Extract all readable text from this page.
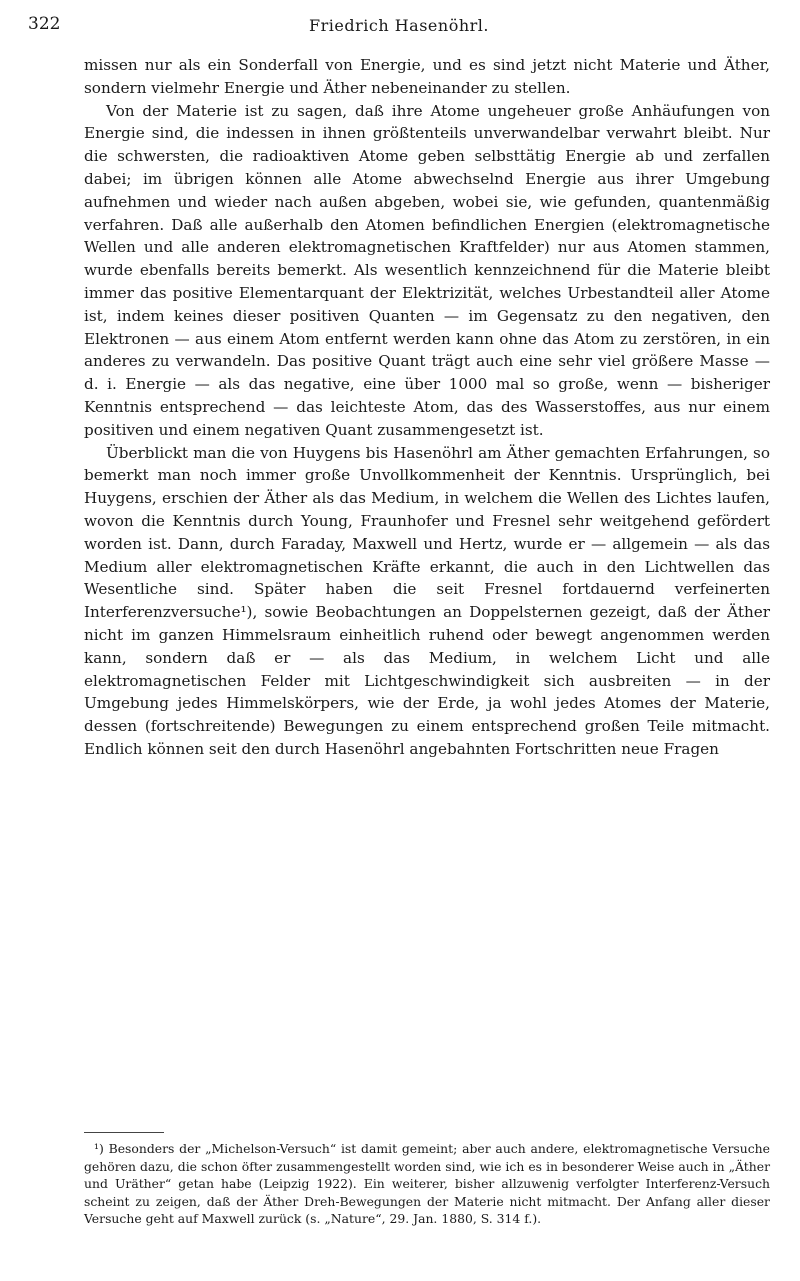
322	Friedrich Hasenöhrl.

missen nur als ein Sonderfall von Energie, und es sind jetzt nicht Materie und Äther, sondern vielmehr Energie und Äther nebeneinander zu stellen.

Von der Materie ist zu sagen, daß ihre Atome ungeheuer große Anhäufungen von Energie sind, die indessen in ihnen größtenteils unverwandelbar verwahrt bleibt. Nur die schwersten, die radioaktiven Atome geben selbsttätig Energie ab und zerfallen dabei; im übrigen können alle Atome abwechselnd Energie aus ihrer Umgebung aufnehmen und wieder nach außen abgeben, wobei sie, wie gefunden, quantenmäßig verfahren. Daß alle außerhalb den Atomen befindlichen Energien (elektromagnetische Wellen und alle anderen elektromagnetischen Kraftfelder) nur aus Atomen stammen, wurde ebenfalls bereits bemerkt. Als wesentlich kennzeichnend für die Materie bleibt immer das positive Elementarquant der Elektrizität, welches Urbestandteil aller Atome ist, indem keines dieser positiven Quanten — im Gegensatz zu den negativen, den Elektronen — aus einem Atom entfernt werden kann ohne das Atom zu zerstören, in ein anderes zu verwandeln. Das positive Quant trägt auch eine sehr viel größere Masse — d. i. Energie — als das negative, eine über 1000 mal so große, wenn — bisheriger Kenntnis entsprechend — das leichteste Atom, das des Wasserstoffes, aus nur einem positiven und einem negativen Quant zusammengesetzt ist.

Überblickt man die von Huygens bis Hasenöhrl am Äther gemachten Erfahrungen, so bemerkt man noch immer große Unvollkommenheit der Kenntnis. Ursprünglich, bei Huygens, erschien der Äther als das Medium, in welchem die Wellen des Lichtes laufen, wovon die Kenntnis durch Young, Fraunhofer und Fresnel sehr weitgehend gefördert worden ist. Dann, durch Faraday, Maxwell und Hertz, wurde er — allgemein — als das Medium aller elektromagnetischen Kräfte erkannt, die auch in den Lichtwellen das Wesentliche sind. Später haben die seit Fresnel fortdauernd verfeinerten Interferenzversuche¹), sowie Beobachtungen an Doppelsternen gezeigt, daß der Äther nicht im ganzen Himmelsraum einheitlich ruhend oder bewegt angenommen werden kann, sondern daß er — als das Medium, in welchem Licht und alle elektromagnetischen Felder mit Lichtgeschwindigkeit sich ausbreiten — in der Umgebung jedes Himmelskörpers, wie der Erde, ja wohl jedes Atomes der Materie, dessen (fortschreitende) Bewegungen zu einem entsprechend großen Teile mitmacht. Endlich können seit den durch Hasenöhrl angebahnten Fortschritten neue Fragen

¹) Besonders der „Michelson-Versuch“ ist damit gemeint; aber auch andere, elektromagnetische Versuche gehören dazu, die schon öfter zusammengestellt worden sind, wie ich es in besonderer Weise auch in „Äther und Uräther“ getan habe (Leipzig 1922). Ein weiterer, bisher allzuwenig verfolgter Interferenz-Versuch scheint zu zeigen, daß der Äther Dreh-Bewegungen der Materie nicht mitmacht. Der Anfang aller dieser Versuche geht auf Maxwell zurück (s. „Nature“, 29. Jan. 1880, S. 314 f.).
